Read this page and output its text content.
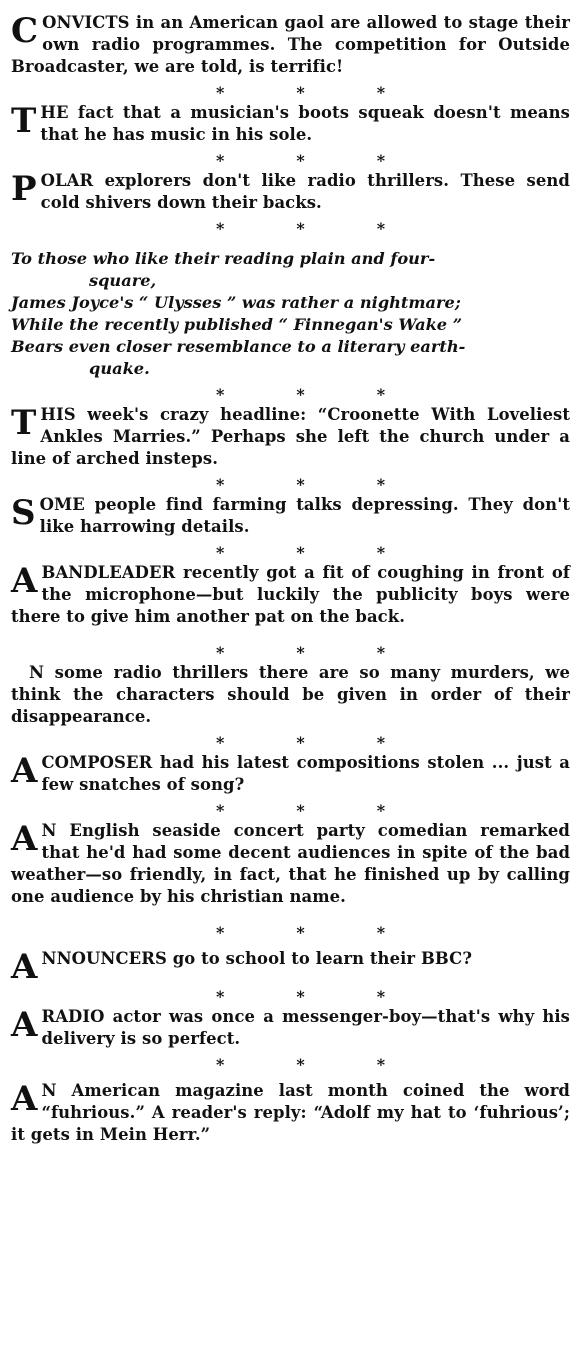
CONVICTS in an American gaol are allowed to stage their own radio programmes. The competition for Outside Broadcaster, we are told, is terrific!

*	*	*

THE fact that a musician's boots squeak doesn't means that he has music in his sole.

*	*	*

POLAR explorers don't like radio thrillers. These send cold shivers down their backs.

*	*	*
To those who like their reading plain and four-
square,
James Joyce's “ Ulysses ” was rather a nightmare;
While the recently published “ Finnegan's Wake ”
Bears even closer resemblance to a literary earth-
quake.
*	*	*

THIS week's crazy headline: “Croonette With Loveliest Ankles Marries.” Perhaps she left the church under a line of arched insteps.

*	*	*

SOME people find farming talks depressing. They don't like harrowing details.

*	*	*

A BANDLEADER recently got a fit of coughing in front of the microphone—but luckily the publicity boys were there to give him another pat on the back.

*	*	*

N some radio thrillers there are so many murders, we think the characters should be given in order of their disappearance.

*	*	*

A COMPOSER had his latest compositions stolen ... just a few snatches of song?

*	*	*

A N English seaside concert party comedian remarked that he'd had some decent audiences in spite of the bad weather—so friendly, in fact, that he finished up by calling one audience by his christian name.

*	*	*

ANNOUNCERS go to school to learn their BBC?

*	*	*

A RADIO actor was once a messenger-boy—that's why his delivery is so perfect.

*	*	*

A N American magazine last month coined the word “fuhrious.” A reader's reply: “Adolf my hat to ‘fuhrious’; it gets in Mein Herr.”
